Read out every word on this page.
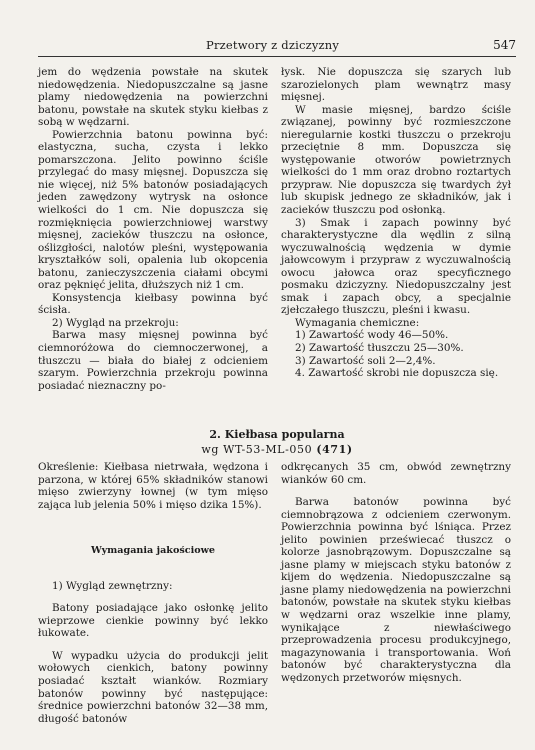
Przetwory z dziczyzny	547

jem do wędzenia powstałe na skutek niedowędzenia. Niedopuszczalne są jasne plamy niedowędzenia na powierzchni batonu, powstałe na skutek styku kiełbas z sobą w wędzarni.

Powierzchnia batonu powinna być: elastyczna, sucha, czysta i lekko pomarszczona. Jelito powinno ściśle przylegać do masy mięsnej. Dopuszcza się nie więcej, niż 5% batonów posiadających jeden zawędzony wytrysk na osłonce wielkości do 1 cm. Nie dopuszcza się rozmięknięcia powierzchniowej warstwy mięsnej, zacieków tłuszczu na osłonce, oślizgłości, nalotów pleśni, występowania kryształków soli, opalenia lub okopcenia batonu, zanieczyszczenia ciałami obcymi oraz pęknięć jelita, dłuższych niż 1 cm.

Konsystencja kiełbasy powinna być ścisła.

2) Wygląd na przekroju:

Barwa masy mięsnej powinna być ciemnoróżowa do ciemnoczerwonej, a tłuszczu — biała do białej z odcieniem szarym. Powierzchnia przekroju powinna posiadać nieznaczny po-

łysk. Nie dopuszcza się szarych lub szarozielonych plam wewnątrz masy mięsnej.

W masie mięsnej, bardzo ściśle związanej, powinny być rozmieszczone nieregularnie kostki tłuszczu o przekroju przeciętnie 8 mm. Dopuszcza się występowanie otworów powietrznych wielkości do 1 mm oraz drobno roztartych przypraw. Nie dopuszcza się twardych żył lub skupisk jednego ze składników, jak i zacieków tłuszczu pod osłonką.

3) Smak i zapach powinny być charakterystyczne dla wędlin z silną wyczuwalnością wędzenia w dymie jałowcowym i przypraw z wyczuwalnością owocu jałowca oraz specyficznego posmaku dziczyzny. Niedopuszczalny jest smak i zapach obcy, a specjalnie zjełczałego tłuszczu, pleśni i kwasu.

Wymagania chemiczne:

1) Zawartość wody 46—50%.
2) Zawartość tłuszczu 25—30%.
3) Zawartość soli 2—2,4%.
4. Zawartość skrobi nie dopuszcza się.
2. Kiełbasa popularna
wg WT-53-ML-050 (471)

Określenie: Kiełbasa nietrwała, wędzona i parzona, w której 65% składników stanowi mięso zwierzyny łownej (w tym mięso zająca lub jelenia 50% i mięso dzika 15%).

Wymagania jakościowe

1) Wygląd zewnętrzny:

Batony posiadające jako osłonkę jelito wieprzowe cienkie powinny być lekko łukowate.

W wypadku użycia do produkcji jelit wołowych cienkich, batony powinny posiadać kształt wianków. Rozmiary batonów powinny być następujące: średnice powierzchni batonów 32—38 mm, długość batonów

odkręcanych 35 cm, obwód zewnętrzny wianków 60 cm.

Barwa batonów powinna być ciemnobrązowa z odcieniem czerwonym. Powierzchnia powinna być lśniąca. Przez jelito powinien przeświecać tłuszcz o kolorze jasnobrązowym. Dopuszczalne są jasne plamy w miejscach styku batonów z kijem do wędzenia. Niedopuszczalne są jasne plamy niedowędzenia na powierzchni batonów, powstałe na skutek styku kiełbas w wędzarni oraz wszelkie inne plamy, wynikające z niewłaściwego przeprowadzenia procesu produkcyjnego, magazynowania i transportowania. Woń batonów być charakterystyczna dla wędzonych przetworów mięsnych.
